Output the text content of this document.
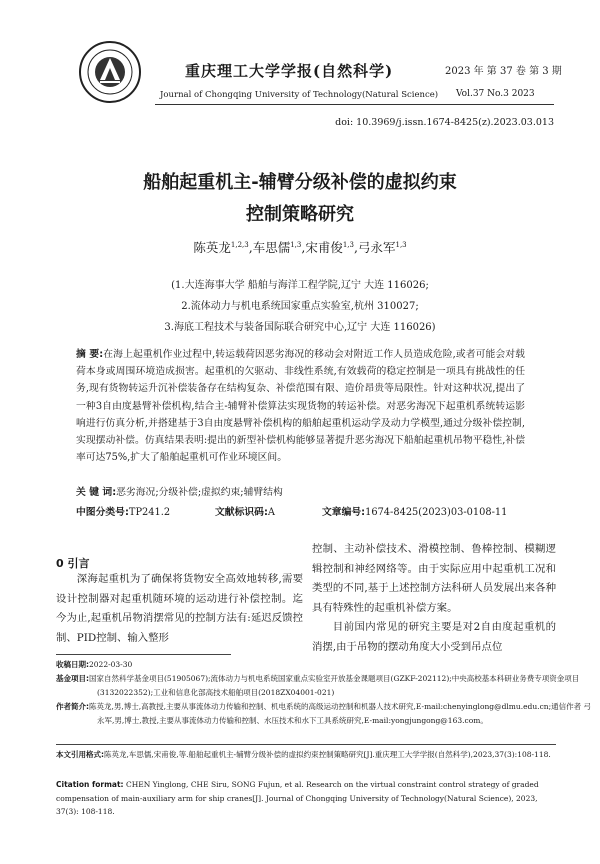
重庆理工大学学报(自然科学)
Journal of Chongqing University of Technology(Natural Science)
2023 年 第 37 卷 第 3 期
Vol.37 No.3 2023
doi: 10.3969/j.issn.1674-8425(z).2023.03.013
船舶起重机主-辅臂分级补偿的虚拟约束
控制策略研究
陈英龙$^{1,2,3}$,车思儒$^{1,3}$,宋甫俊$^{1,3}$,弓永军$^{1,3}$
(1.大连海事大学 船舶与海洋工程学院,辽宁 大连 116026;
2.流体动力与机电系统国家重点实验室,杭州 310027;
3.海底工程技术与装备国际联合研究中心,辽宁 大连 116026)
摘 要:在海上起重机作业过程中,转运载荷因恶劣海况的移动会对附近工作人员造成危险,或者可能会对载荷本身或周围环境造成损害。起重机的欠驱动、非线性系统,有效载荷的稳定控制是一项具有挑战性的任务,现有货物转运升沉补偿装备存在结构复杂、补偿范围有限、造价昂贵等局限性。针对这种状况,提出了一种3自由度悬臂补偿机构,结合主-辅臂补偿算法实现货物的转运补偿。对恶劣海况下起重机系统转运影响进行仿真分析,并搭建基于3自由度悬臂补偿机构的船舶起重机运动学及动力学模型,通过分级补偿控制,实现摆动补偿。仿真结果表明:提出的新型补偿机构能够显著提升恶劣海况下船舶起重机吊物平稳性,补偿率可达75%,扩大了船舶起重机可作业环境区间。
关 键 词:恶劣海况;分级补偿;虚拟约束;辅臂结构
中图分类号:TP241.2	文献标识码:A	文章编号:1674-8425(2023)03-0108-11
0 引言

深海起重机为了确保将货物安全高效地转移,需要设计控制器对起重机随环境的运动进行补偿控制。迄今为止,起重机吊物消摆常见的控制方法有:延迟反馈控制、PID控制、输入整形

控制、主动补偿技术、滑模控制、鲁棒控制、模糊逻辑控制和神经网络等。由于实际应用中起重机工况和类型的不同,基于上述控制方法科研人员发展出来各种具有特殊性的起重机补偿方案。

目前国内常见的研究主要是对2自由度起重机的消摆,由于吊物的摆动角度大小受到吊点位

收稿日期:2022-03-30
基金项目:国家自然科学基金项目(51905067);流体动力与机电系统国家重点实验室开放基金课题项目(GZKF-202112);中央高校基本科研业务费专项资金项目(3132022352);工业和信息化部高技术船舶项目(2018ZX04001-021)
作者简介:陈英龙,男,博士,高教授,主要从事流体动力传输和控制、机电系统的高级运动控制和机器人技术研究,E-mail:chenyinglong@dlmu.edu.cn;通信作者 弓永军,男,博士,教授,主要从事流体动力传输和控制、水压技术和水下工具系统研究,E-mail:yongjungong@163.com。
本文引用格式:陈英龙,车思儒,宋甫俊,等.船舶起重机主-辅臂分级补偿的虚拟约束控制策略研究[J].重庆理工大学学报(自然科学),2023,37(3):108-118.
Citation format: CHEN Yinglong, CHE Siru, SONG Fujun, et al. Research on the virtual constraint control strategy of graded compensation of main-auxiliary arm for ship cranes[J]. Journal of Chongqing University of Technology(Natural Science), 2023, 37(3): 108-118.
